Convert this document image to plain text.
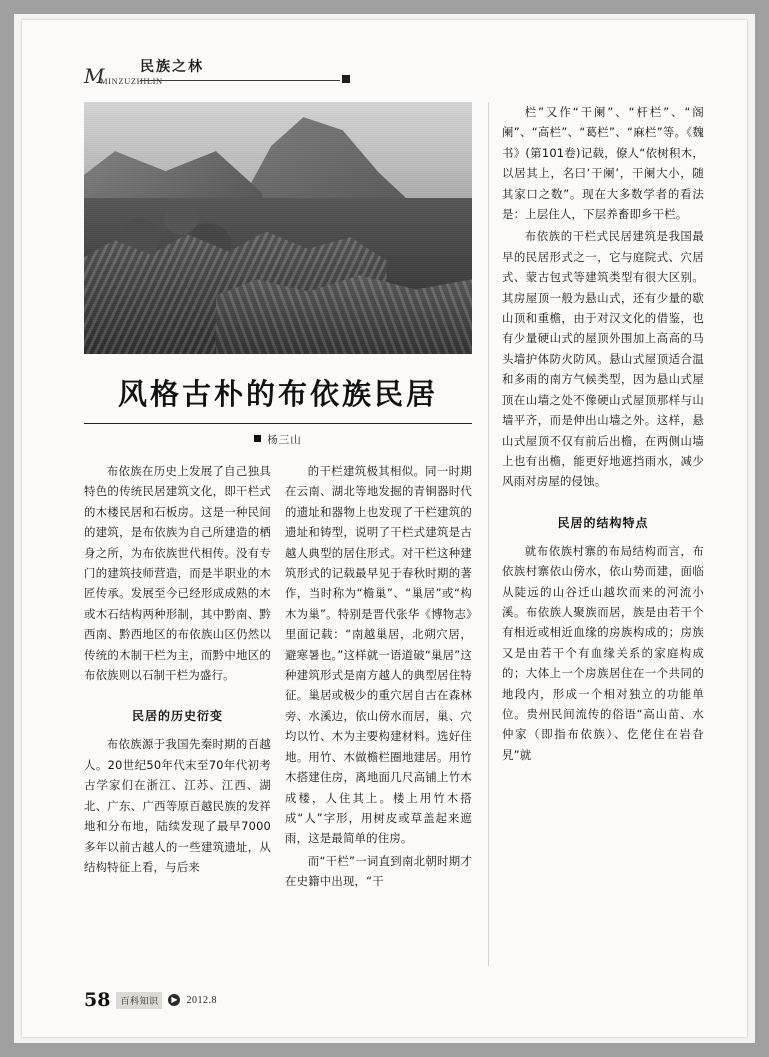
M
MINZUZHILIN
民族之林
风格古朴的布依族民居
杨三山

布依族在历史上发展了自己独具特色的传统民居建筑文化，即干栏式的木楼民居和石板房。这是一种民间的建筑，是布依族为自己所建造的栖身之所，为布依族世代相传。没有专门的建筑技师营造，而是半职业的木匠传承。发展至今已经形成成熟的木或木石结构两种形制，其中黔南、黔西南、黔西地区的布依族山区仍然以传统的木制干栏为主，而黔中地区的布依族则以石制干栏为盛行。

民居的历史衍变

布依族源于我国先秦时期的百越人。20世纪50年代末至70年代初考古学家们在浙江、江苏、江西、湖北、广东、广西等原百越民族的发祥地和分布地，陆续发现了最早7000多年以前古越人的一些建筑遗址，从结构特征上看，与后来

的干栏建筑极其相似。同一时期在云南、湖北等地发掘的青铜器时代的遗址和器物上也发现了干栏建筑的遗址和铸型，说明了干栏式建筑是古越人典型的居住形式。对干栏这种建筑形式的记载最早见于春秋时期的著作，当时称为“檐巢”、“巢居”或“构木为巢”。特别是晋代张华《博物志》里面记载：“南越巢居，北朔穴居，避寒暑也。”这样就一语道破“巢居”这种建筑形式是南方越人的典型居住特征。巢居或极少的重穴居自古在森林旁、水溪边，依山傍水而居，巢、穴均以竹、木为主要构建材料。选好住地。用竹、木做檐栏圈地建居。用竹木搭建住房，离地面几尺高铺上竹木成楼，人住其上。楼上用竹木搭成“人”字形，用树皮或草盖起来遮雨，这是最简单的住房。

而“干栏”一词直到南北朝时期才在史籍中出现，“干

栏”又作“干阑”、“杆栏”、“阁阑”、“高栏”、“葛栏”、“麻栏”等。《魏书》(第101卷)记载，僚人“依树积木，以居其上，名曰‘干阑’，干阑大小，随其家口之数”。现在大多数学者的看法是：上层住人，下层养畜即乡干栏。

布依族的干栏式民居建筑是我国最早的民居形式之一，它与庭院式、穴居式、蒙古包式等建筑类型有很大区别。其房屋顶一般为悬山式，还有少量的歇山顶和重檐，由于对汉文化的借鉴，也有少量硬山式的屋顶外围加上高高的马头墙护体防火防风。悬山式屋顶适合温和多雨的南方气候类型，因为悬山式屋顶在山墙之处不像硬山式屋顶那样与山墙平齐，而是伸出山墙之外。这样，悬山式屋顶不仅有前后出檐，在两侧山墙上也有出檐，能更好地遮挡雨水，减少风雨对房屋的侵蚀。

民居的结构特点

就布依族村寨的布局结构而言，布依族村寨依山傍水，依山势而建，面临从陡远的山谷迁山越坎而来的河流小溪。布依族人聚族而居，族是由若干个有相近或相近血缘的房族构成的；房族又是由若干个有血缘关系的家庭构成的；大体上一个房族居住在一个共同的地段内，形成一个相对独立的功能单位。贵州民间流传的俗语“高山苗、水仲家（即指布依族）、仡佬住在岩旮旯”就

58	百科知识	▶ 2012.8
